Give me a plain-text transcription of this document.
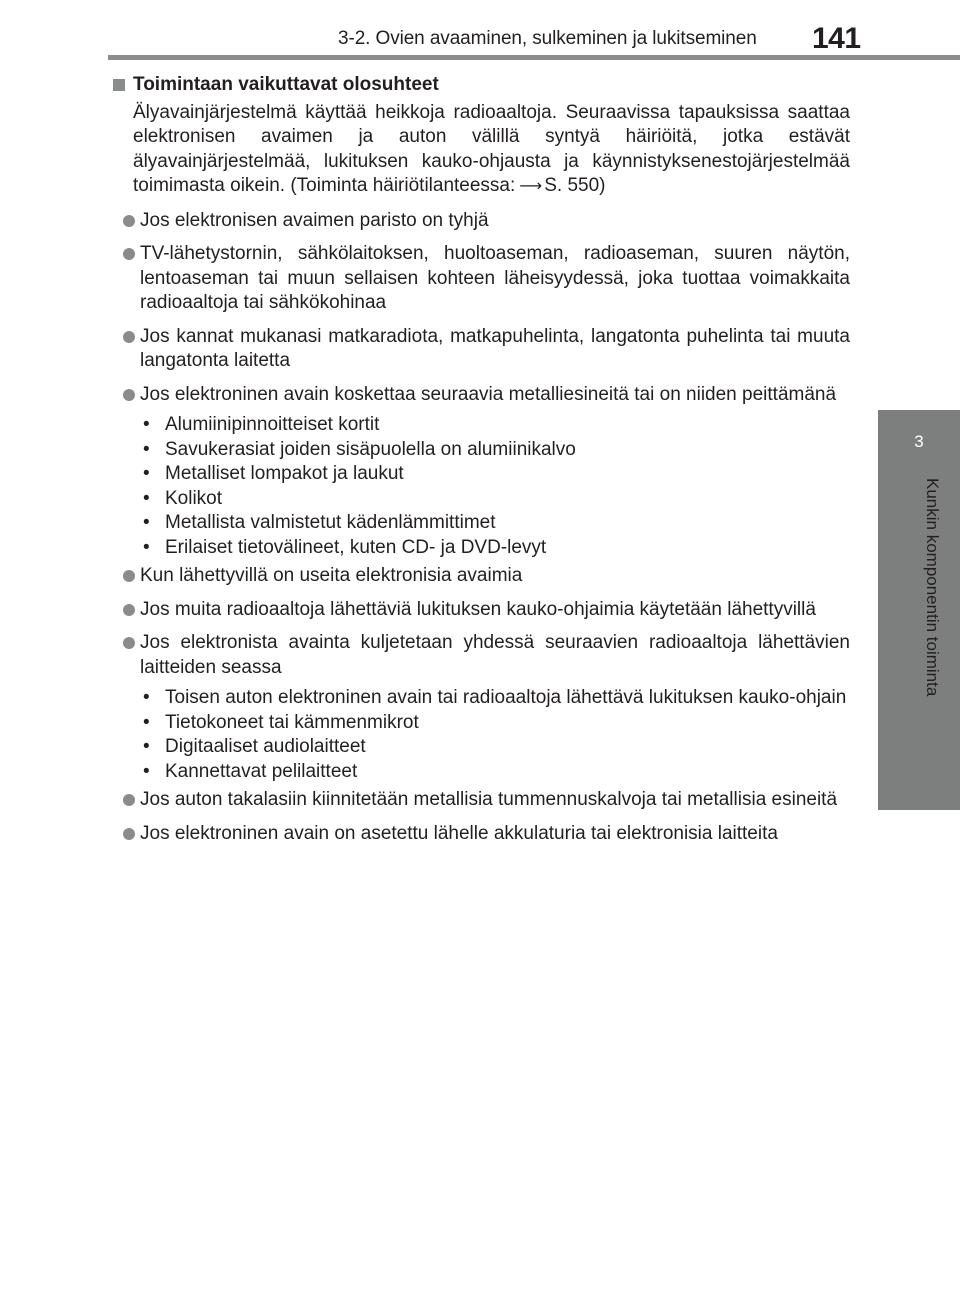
3-2. Ovien avaaminen, sulkeminen ja lukitseminen	141
3
Kunkin komponentin toiminta
Toimintaan vaikuttavat olosuhteet
Älyavainjärjestelmä käyttää heikkoja radioaaltoja. Seuraavissa tapauksissa saattaa elektronisen avaimen ja auton välillä syntyä häiriöitä, jotka estävät älyavainjärjestelmää, lukituksen kauko-ohjausta ja käynnistyksenestojärjestelmää toimimasta oikein. (Toiminta häiriötilanteessa: ⟶ S. 550)
Jos elektronisen avaimen paristo on tyhjä
TV-lähetystornin, sähkölaitoksen, huoltoaseman, radioaseman, suuren näytön, lentoaseman tai muun sellaisen kohteen läheisyydessä, joka tuottaa voimakkaita radioaaltoja tai sähkökohinaa
Jos kannat mukanasi matkaradiota, matkapuhelinta, langatonta puhelinta tai muuta langatonta laitetta
Jos elektroninen avain koskettaa seuraavia metalliesineitä tai on niiden peittämänä
• Alumiinipinnoitteiset kortit
• Savukerasiat joiden sisäpuolella on alumiinikalvo
• Metalliset lompakot ja laukut
• Kolikot
• Metallista valmistetut kädenlämmittimet
• Erilaiset tietovälineet, kuten CD- ja DVD-levyt
Kun lähettyvillä on useita elektronisia avaimia
Jos muita radioaaltoja lähettäviä lukituksen kauko-ohjaimia käytetään lähettyvillä
Jos elektronista avainta kuljetetaan yhdessä seuraavien radioaaltoja lähettävien laitteiden seassa
• Toisen auton elektroninen avain tai radioaaltoja lähettävä lukituksen kauko-ohjain
• Tietokoneet tai kämmenmikrot
• Digitaaliset audiolaitteet
• Kannettavat pelilaitteet
Jos auton takalasiin kiinnitetään metallisia tummennuskalvoja tai metallisia esineitä
Jos elektroninen avain on asetettu lähelle akkulaturia tai elektronisia laitteita
